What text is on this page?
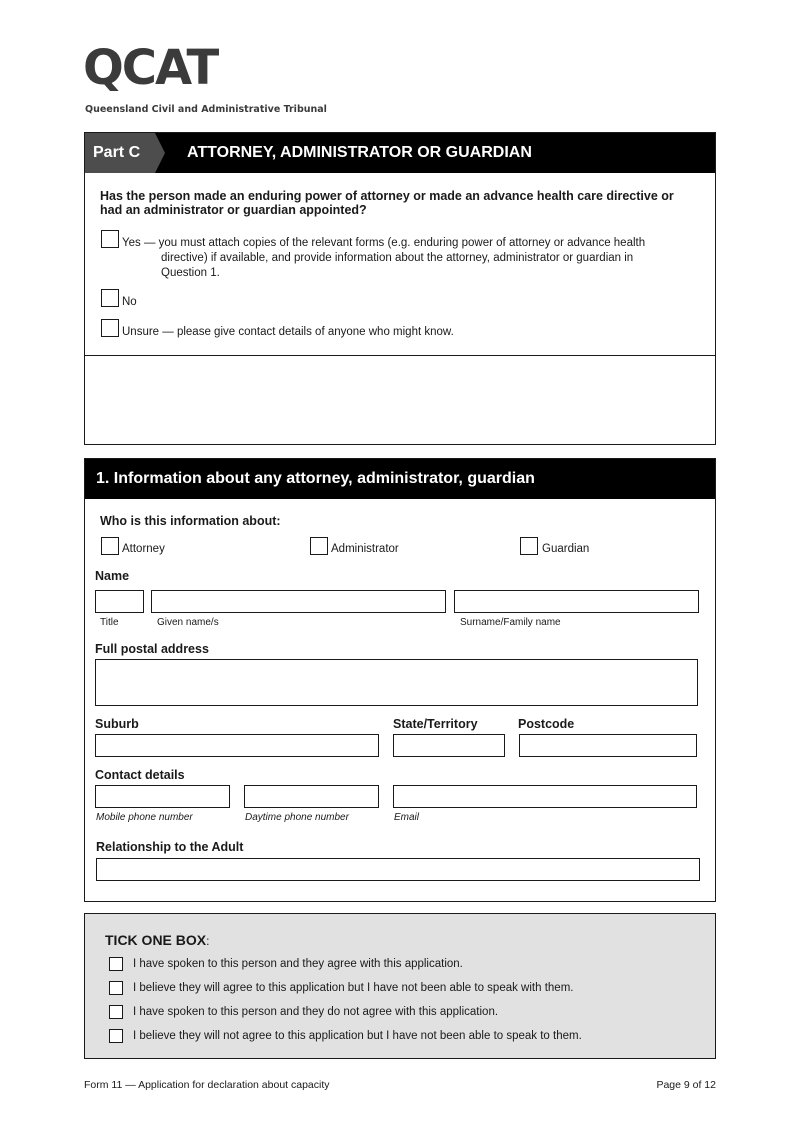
QCAT
Queensland Civil and Administrative Tribunal
Part C	ATTORNEY, ADMINISTRATOR OR GUARDIAN
Has the person made an enduring power of attorney or made an advance health care directive or had an administrator or guardian appointed?
Yes — you must attach copies of the relevant forms (e.g. enduring power of attorney or advance health
directive) if available, and provide information about the attorney, administrator or guardian in
Question 1.
No
Unsure — please give contact details of anyone who might know.
1. Information about any attorney, administrator, guardian
Who is this information about:
Attorney	Administrator	Guardian
Name
Title	Given name/s	Surname/Family name
Full postal address
Suburb	State/Territory	Postcode
Contact details
Mobile phone number	Daytime phone number	Email
Relationship to the Adult
TICK ONE BOX:
I have spoken to this person and they agree with this application.
I believe they will agree to this application but I have not been able to speak with them.
I have spoken to this person and they do not agree with this application.
I believe they will not agree to this application but I have not been able to speak to them.
Form 11 — Application for declaration about capacity	Page 9 of 12
